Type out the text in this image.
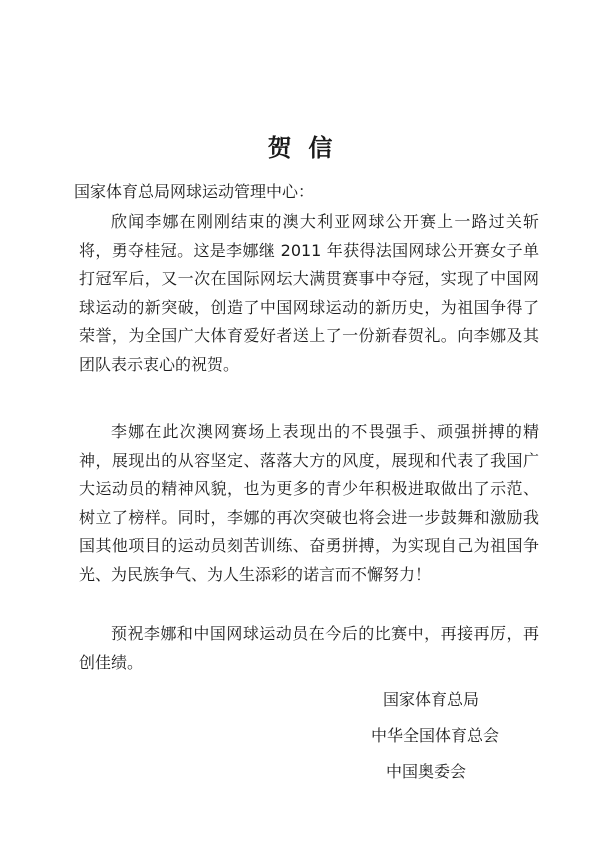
贺  信
国家体育总局网球运动管理中心：

欣闻李娜在刚刚结束的澳大利亚网球公开赛上一路过关斩将，勇夺桂冠。这是李娜继 2011 年获得法国网球公开赛女子单打冠军后，又一次在国际网坛大满贯赛事中夺冠，实现了中国网球运动的新突破，创造了中国网球运动的新历史，为祖国争得了荣誉，为全国广大体育爱好者送上了一份新春贺礼。向李娜及其团队表示衷心的祝贺。

李娜在此次澳网赛场上表现出的不畏强手、顽强拼搏的精神，展现出的从容坚定、落落大方的风度，展现和代表了我国广大运动员的精神风貌，也为更多的青少年积极进取做出了示范、树立了榜样。同时，李娜的再次突破也将会进一步鼓舞和激励我国其他项目的运动员刻苦训练、奋勇拼搏，为实现自己为祖国争光、为民族争气、为人生添彩的诺言而不懈努力！

预祝李娜和中国网球运动员在今后的比赛中，再接再厉，再创佳绩。

国家体育总局
中华全国体育总会
中国奥委会
